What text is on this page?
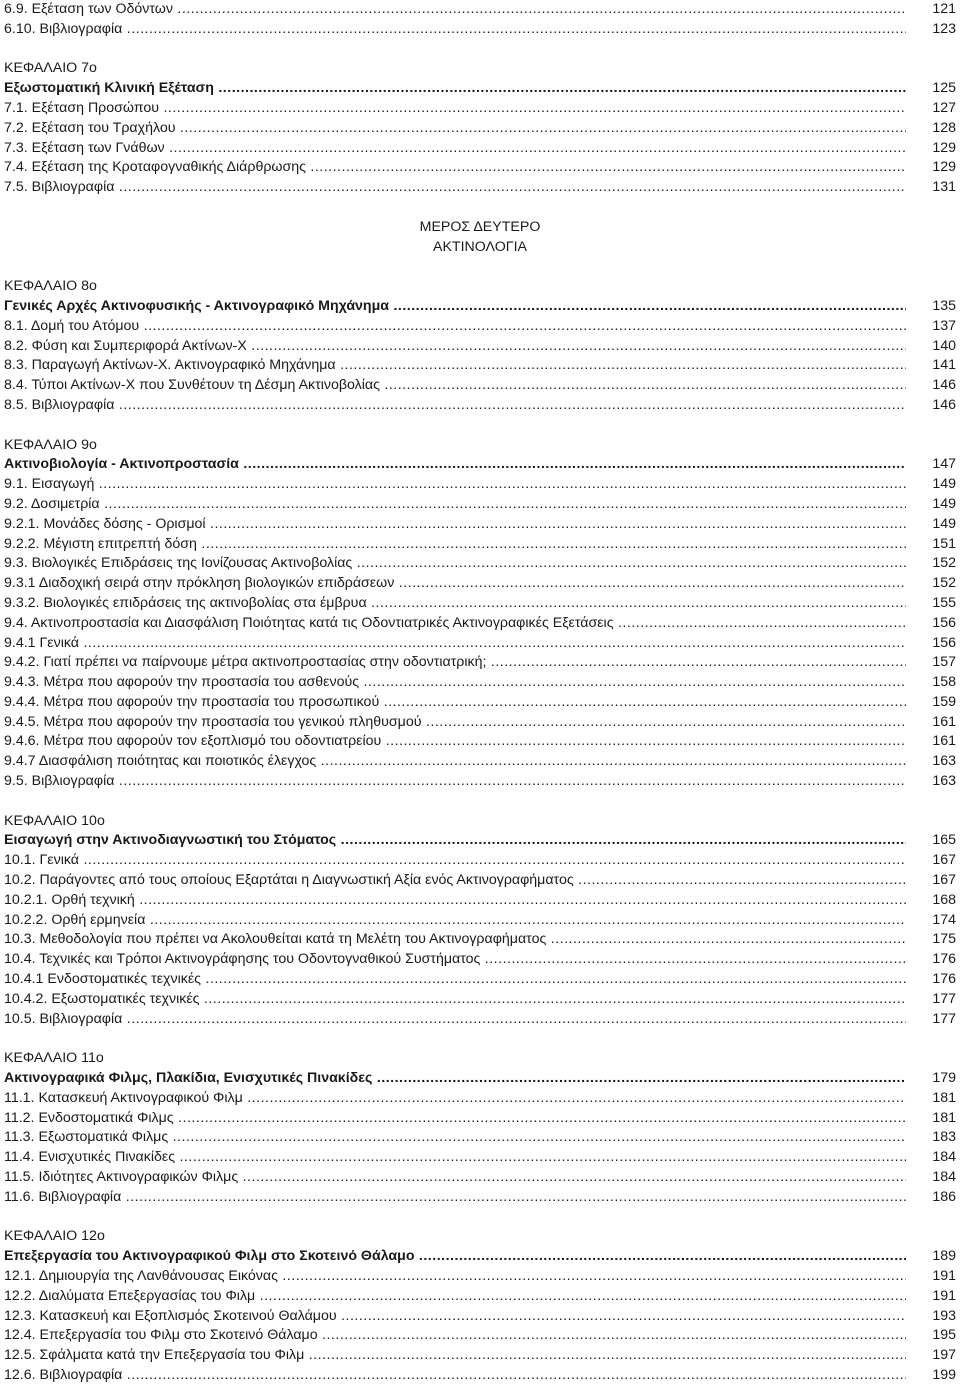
6.9. Εξέταση των Οδόντων .....	121
6.10. Βιβλιογραφία .....	123
ΚΕΦΑΛΑΙΟ 7ο
Εξωστοματική Κλινική Εξέταση .....	125
7.1. Εξέταση Προσώπου .....	127
7.2. Εξέταση του Τραχήλου .....	128
7.3. Εξέταση των Γνάθων .....	129
7.4. Εξέταση της Κροταφογναθικής Διάρθρωσης .....	129
7.5. Βιβλιογραφία .....	131
ΜΕΡΟΣ ΔΕΥΤΕΡΟ
ΑΚΤΙΝΟΛΟΓΙΑ
ΚΕΦΑΛΑΙΟ 8ο
Γενικές Αρχές Ακτινοφυσικής - Ακτινογραφικό Μηχάνημα .....	135
8.1. Δομή του Ατόμου .....	137
8.2. Φύση και Συμπεριφορά Ακτίνων-Χ .....	140
8.3. Παραγωγή Ακτίνων-Χ. Ακτινογραφικό Μηχάνημα .....	141
8.4. Τύποι Ακτίνων-Χ που Συνθέτουν τη Δέσμη Ακτινοβολίας .....	146
8.5. Βιβλιογραφία .....	146
ΚΕΦΑΛΑΙΟ 9ο
Ακτινοβιολογία - Ακτινοπροστασία .....	147
9.1. Εισαγωγή .....	149
9.2. Δοσιμετρία .....	149
9.2.1. Μονάδες δόσης - Ορισμοί .....	149
9.2.2. Μέγιστη επιτρεπτή δόση .....	151
9.3. Βιολογικές Επιδράσεις της Ιονίζουσας Ακτινοβολίας .....	152
9.3.1 Διαδοχική σειρά στην πρόκληση βιολογικών επιδράσεων .....	152
9.3.2. Βιολογικές επιδράσεις της ακτινοβολίας στα έμβρυα .....	155
9.4. Ακτινοπροστασία και Διασφάλιση Ποιότητας κατά τις Οδοντιατρικές Ακτινογραφικές Εξετάσεις .....	156
9.4.1 Γενικά .....	156
9.4.2. Γιατί πρέπει να παίρνουμε μέτρα ακτινοπροστασίας στην οδοντιατρική; .....	157
9.4.3. Μέτρα που αφορούν την προστασία του ασθενούς .....	158
9.4.4. Μέτρα που αφορούν την προστασία του προσωπικού .....	159
9.4.5. Μέτρα που αφορούν την προστασία του γενικού πληθυσμού .....	161
9.4.6. Μέτρα που αφορούν τον εξοπλισμό του οδοντιατρείου .....	161
9.4.7 Διασφάλιση ποιότητας και ποιοτικός έλεγχος .....	163
9.5. Βιβλιογραφία .....	163
ΚΕΦΑΛΑΙΟ 10ο
Εισαγωγή στην Ακτινοδιαγνωστική του Στόματος .....	165
10.1. Γενικά .....	167
10.2. Παράγοντες από τους οποίους Εξαρτάται η Διαγνωστική Αξία ενός Ακτινογραφήματος .....	167
10.2.1. Ορθή τεχνική .....	168
10.2.2. Ορθή ερμηνεία .....	174
10.3. Μεθοδολογία που πρέπει να Ακολουθείται κατά τη Μελέτη του Ακτινογραφήματος .....	175
10.4. Τεχνικές και Τρόποι Ακτινογράφησης του Οδοντογναθικού Συστήματος .....	176
10.4.1 Ενδοστοματικές τεχνικές .....	176
10.4.2. Εξωστοματικές τεχνικές .....	177
10.5. Βιβλιογραφία .....	177
ΚΕΦΑΛΑΙΟ 11ο
Ακτινογραφικά Φιλμς, Πλακίδια, Ενισχυτικές Πινακίδες .....	179
11.1. Κατασκευή Ακτινογραφικού Φιλμ .....	181
11.2. Ενδοστοματικά Φιλμς .....	181
11.3. Εξωστοματικά Φιλμς .....	183
11.4. Ενισχυτικές Πινακίδες .....	184
11.5. Ιδιότητες Ακτινογραφικών Φιλμς .....	184
11.6. Βιβλιογραφία .....	186
ΚΕΦΑΛΑΙΟ 12ο
Επεξεργασία του Ακτινογραφικού Φιλμ στο Σκοτεινό Θάλαμο .....	189
12.1. Δημιουργία της Λανθάνουσας Εικόνας .....	191
12.2. Διαλύματα Επεξεργασίας του Φιλμ .....	191
12.3. Κατασκευή και Εξοπλισμός Σκοτεινού Θαλάμου .....	193
12.4. Επεξεργασία του Φιλμ στο Σκοτεινό Θάλαμο .....	195
12.5. Σφάλματα κατά την Επεξεργασία του Φιλμ .....	197
12.6. Βιβλιογραφία .....	199
